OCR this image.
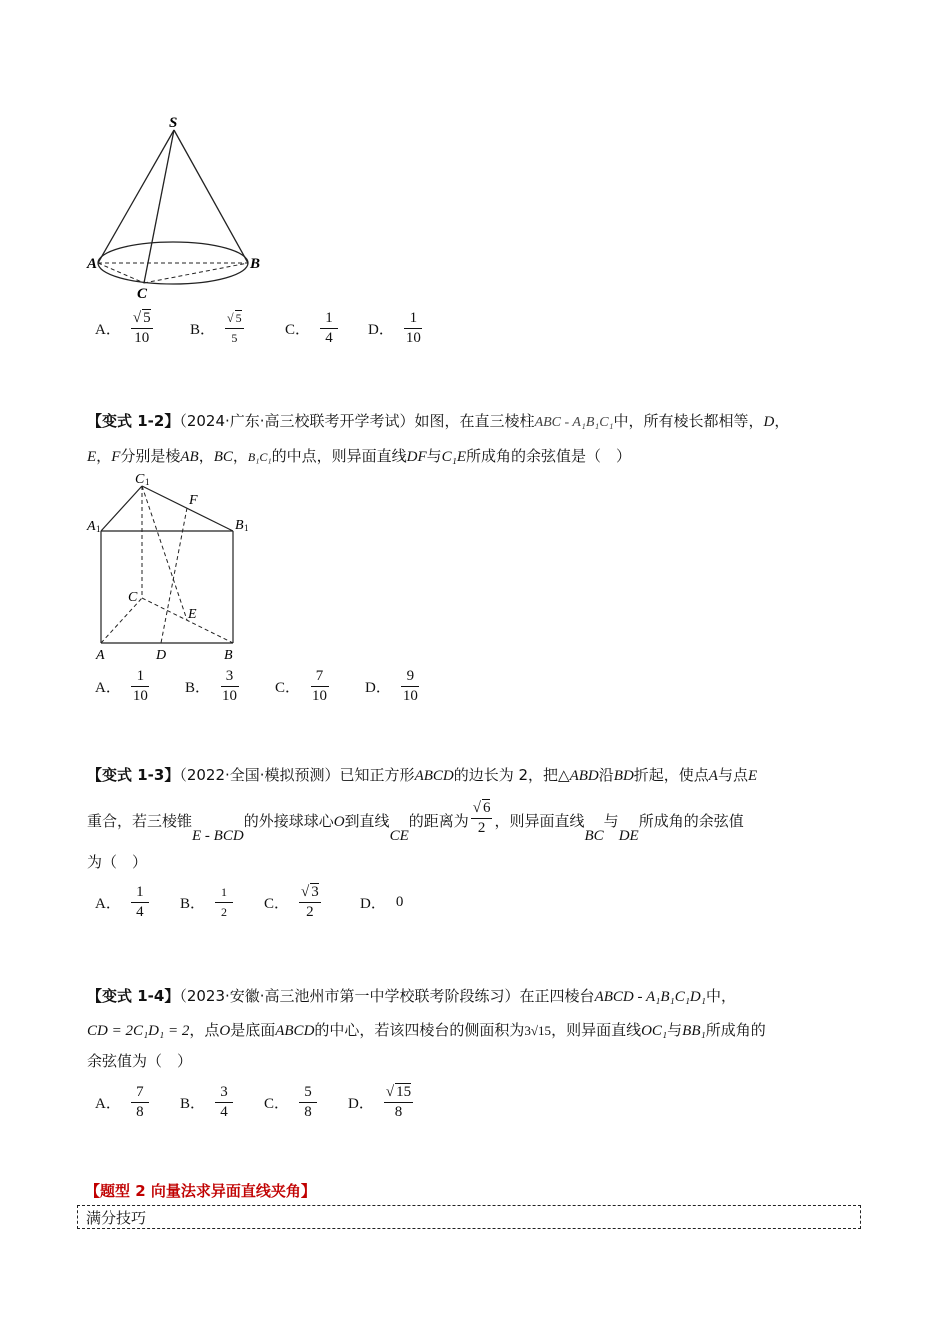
S
A	B
C
A． $\frac{√ 5}{10}$ B． $\frac{√ 5}{5}$	C． $\frac{1}{4}$ D． $\frac{1}{10}$
【变式 1-2】（2024·广东·高三校联考开学考试）如图，在直三棱柱ABC - A₁B₁C₁中，所有棱长都相等，D，
E，F分别是棱AB，BC，B₁C₁的中点，则异面直线DF与C₁E所成角的余弦值是（　）
C 1
F
A 1	B 1
C
E
A	D	B
A． $\frac{1}{10}$ B． $\frac{3}{10}$ C． $\frac{7}{10}$ D． $\frac{9}{10}$
【变式 1-3】（2022·全国·模拟预测）已知正方形ABCD的边长为 2，把△ABD沿BD折起，使点A与点E
重合，若三棱锥E - BCD的外接球球心O到直线CE的距离为 $\frac{√ 6}{2}$ ，则异面直线BC与DE所成角的余弦值
为（　）
A． $\frac{1}{4}$ B． $\frac{1}{2}$ C． $\frac{√ 3}{2}$	D． 0
【变式 1-4】（2023·安徽·高三池州市第一中学校联考阶段练习）在正四棱台ABCD - A₁B₁C₁D₁中，
CD = 2C₁D₁ = 2，点O是底面ABCD的中心，若该四棱台的侧面积为3√15，则异面直线OC₁与BB₁所成角的
余弦值为（　）
A． $\frac{7}{8}$ B． $\frac{3}{4}$ C． $\frac{5}{8}$ D． $\frac{√ 15}{8}$
【题型 2 向量法求异面直线夹角】
满分技巧
